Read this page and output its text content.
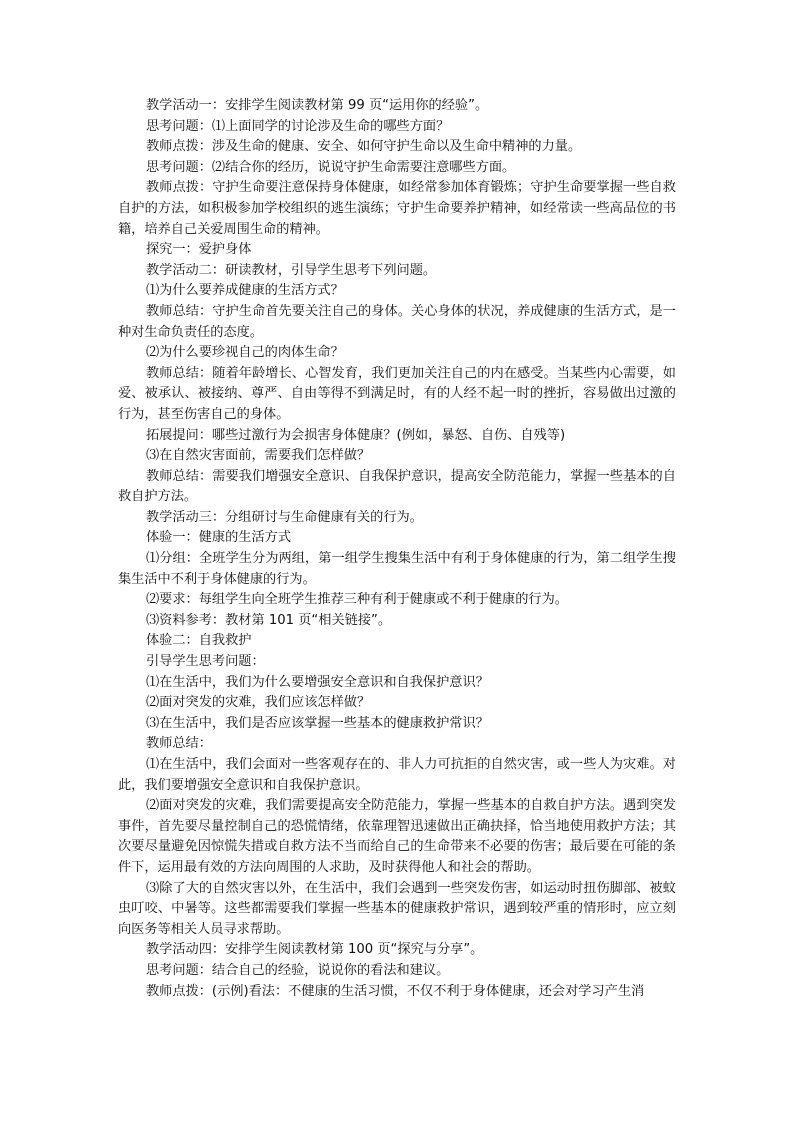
教学活动一：安排学生阅读教材第 99 页“运用你的经验”。

思考问题：⑴上面同学的讨论涉及生命的哪些方面？

教师点拨：涉及生命的健康、安全、如何守护生命以及生命中精神的力量。

思考问题：⑵结合你的经历，说说守护生命需要注意哪些方面。

教师点拨：守护生命要注意保持身体健康，如经常参加体育锻炼；守护生命要掌握一些自救自护的方法，如积极参加学校组织的逃生演练；守护生命要养护精神，如经常读一些高品位的书籍，培养自己关爱周围生命的精神。

探究一：爱护身体

教学活动二：研读教材，引导学生思考下列问题。

⑴为什么要养成健康的生活方式？

教师总结：守护生命首先要关注自己的身体。关心身体的状况，养成健康的生活方式，是一种对生命负责任的态度。

⑵为什么要珍视自己的肉体生命？

教师总结：随着年龄增长、心智发育，我们更加关注自己的内在感受。当某些内心需要，如爱、被承认、被接纳、尊严、自由等得不到满足时，有的人经不起一时的挫折，容易做出过激的行为，甚至伤害自己的身体。

拓展提问：哪些过激行为会损害身体健康？(例如，暴怒、自伤、自残等)

⑶在自然灾害面前，需要我们怎样做？

教师总结：需要我们增强安全意识、自我保护意识，提高安全防范能力，掌握一些基本的自救自护方法。

教学活动三：分组研讨与生命健康有关的行为。

体验一：健康的生活方式

⑴分组：全班学生分为两组，第一组学生搜集生活中有利于身体健康的行为，第二组学生搜集生活中不利于身体健康的行为。

⑵要求：每组学生向全班学生推荐三种有利于健康或不利于健康的行为。

⑶资料参考：教材第 101 页“相关链接”。

体验二：自我救护

引导学生思考问题：

⑴在生活中，我们为什么要增强安全意识和自我保护意识？

⑵面对突发的灾难，我们应该怎样做？

⑶在生活中，我们是否应该掌握一些基本的健康救护常识？

教师总结：

⑴在生活中，我们会面对一些客观存在的、非人力可抗拒的自然灾害，或一些人为灾难。对此，我们要增强安全意识和自我保护意识。

⑵面对突发的灾难，我们需要提高安全防范能力，掌握一些基本的自救自护方法。遇到突发事件，首先要尽量控制自己的恐慌情绪，依靠理智迅速做出正确抉择，恰当地使用救护方法；其次要尽量避免因惊慌失措或自救方法不当而给自己的生命带来不必要的伤害；最后要在可能的条件下，运用最有效的方法向周围的人求助，及时获得他人和社会的帮助。

⑶除了大的自然灾害以外，在生活中，我们会遇到一些突发伤害，如运动时扭伤脚部、被蚊虫叮咬、中暑等。这些都需要我们掌握一些基本的健康救护常识，遇到较严重的情形时，应立刻向医务等相关人员寻求帮助。

教学活动四：安排学生阅读教材第 100 页“探究与分享”。

思考问题：结合自己的经验，说说你的看法和建议。

教师点拨：(示例)看法：不健康的生活习惯，不仅不利于身体健康，还会对学习产生消
